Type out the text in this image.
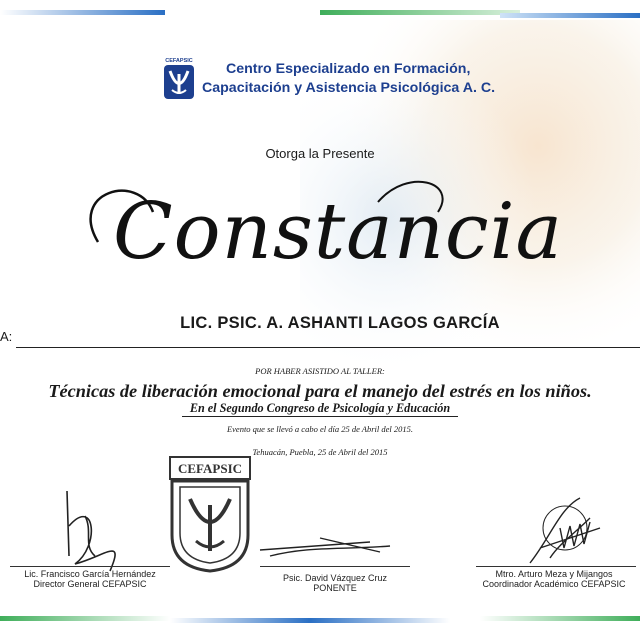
CEFAPSIC	Centro Especializado en Formación,
Capacitación y Asistencia Psicológica A. C.
Otorga la Presente
Constancia
A:
LIC. PSIC. A. ASHANTI LAGOS GARCÍA
POR HABER ASISTIDO AL TALLER:
Técnicas de liberación emocional para el manejo del estrés en los niños.
En el Segundo Congreso de Psicología y Educación
Evento que se llevó a cabo el día 25 de Abril del 2015.
Tehuacán, Puebla, 25 de Abril del 2015
CEFAPSIC
Lic. Francisco García Hernández
Director General CEFAPSIC
Psic. David Vázquez Cruz
PONENTE
Mtro. Arturo Meza y Mijangos
Coordinador Académico CEFAPSIC
